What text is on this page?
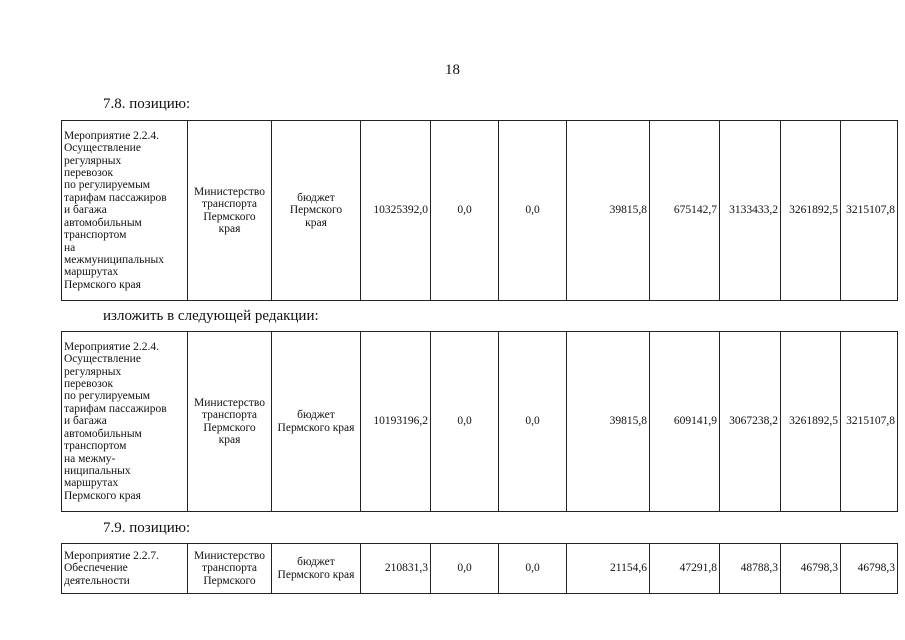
18
7.8. позицию:
Мероприятие 2.2.4.
Осуществление
регулярных
перевозок
по регулируемым
тарифам пассажиров
и багажа
автомобильным
транспортом
на
межмуниципальных
маршрутах
Пермского края	Министерство
транспорта
Пермского
края	бюджет
Пермского
края	10325392,0	0,0	0,0	39815,8	675142,7	3133433,2	3261892,5	3215107,8
изложить в следующей редакции:
Мероприятие 2.2.4.
Осуществление
регулярных
перевозок
по регулируемым
тарифам пассажиров
и багажа
автомобильным
транспортом
на межму-
ниципальных
маршрутах
Пермского края	Министерство
транспорта
Пермского
края	бюджет
Пермского края	10193196,2	0,0	0,0	39815,8	609141,9	3067238,2	3261892,5	3215107,8
7.9. позицию:
Мероприятие 2.2.7.
Обеспечение
деятельности	Министерство
транспорта
Пермского	бюджет
Пермского края	210831,3	0,0	0,0	21154,6	47291,8	48788,3	46798,3	46798,3
